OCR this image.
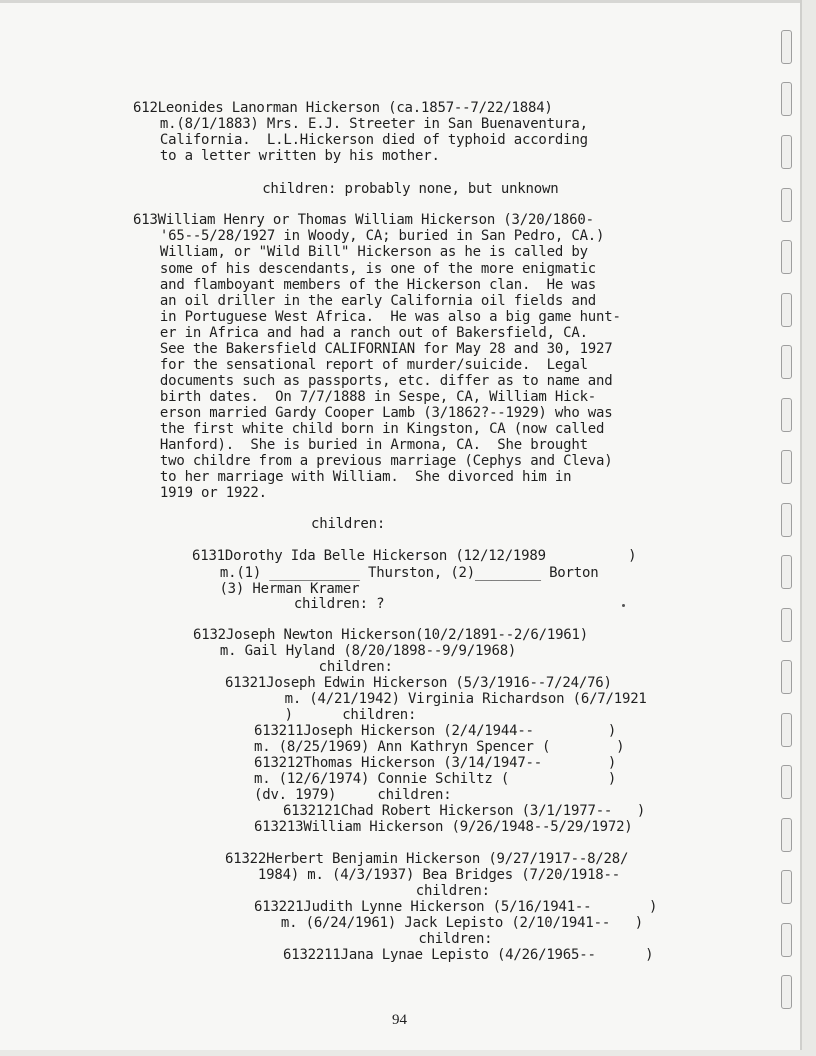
612Leonides Lanorman Hickerson (ca.1857--7/22/1884)
m.(8/1/1883) Mrs. E.J. Streeter in San Buenaventura,
California.  L.L.Hickerson died of typhoid according
to a letter written by his mother.
children: probably none, but unknown
613William Henry or Thomas William Hickerson (3/20/1860-
'65--5/28/1927 in Woody, CA; buried in San Pedro, CA.)
William, or "Wild Bill" Hickerson as he is called by
some of his descendants, is one of the more enigmatic
and flamboyant members of the Hickerson clan.  He was
an oil driller in the early California oil fields and
in Portuguese West Africa.  He was also a big game hunt-
er in Africa and had a ranch out of Bakersfield, CA.
See the Bakersfield CALIFORNIAN for May 28 and 30, 1927
for the sensational report of murder/suicide.  Legal
documents such as passports, etc. differ as to name and
birth dates.  On 7/7/1888 in Sespe, CA, William Hick-
erson married Gardy Cooper Lamb (3/1862?--1929) who was
the first white child born in Kingston, CA (now called
Hanford).  She is buried in Armona, CA.  She brought
two childre from a previous marriage (Cephys and Cleva)
to her marriage with William.  She divorced him in
1919 or 1922.
children:
6131Dorothy Ida Belle Hickerson (12/12/1989          )
m.(1) ___________ Thurston, (2)________ Borton
(3) Herman Kramer
children: ?
6132Joseph Newton Hickerson(10/2/1891--2/6/1961)
m. Gail Hyland (8/20/1898--9/9/1968)
children:
61321Joseph Edwin Hickerson (5/3/1916--7/24/76)
m. (4/21/1942) Virginia Richardson (6/7/1921
)      children:
613211Joseph Hickerson (2/4/1944--         )
m. (8/25/1969) Ann Kathryn Spencer (        )
613212Thomas Hickerson (3/14/1947--        )
m. (12/6/1974) Connie Schiltz (            )
(dv. 1979)     children:
6132121Chad Robert Hickerson (3/1/1977--   )
613213William Hickerson (9/26/1948--5/29/1972)
61322Herbert Benjamin Hickerson (9/27/1917--8/28/
1984) m. (4/3/1937) Bea Bridges (7/20/1918--
children:
613221Judith Lynne Hickerson (5/16/1941--       )
m. (6/24/1961) Jack Lepisto (2/10/1941--   )
children:
6132211Jana Lynae Lepisto (4/26/1965--      )
94
